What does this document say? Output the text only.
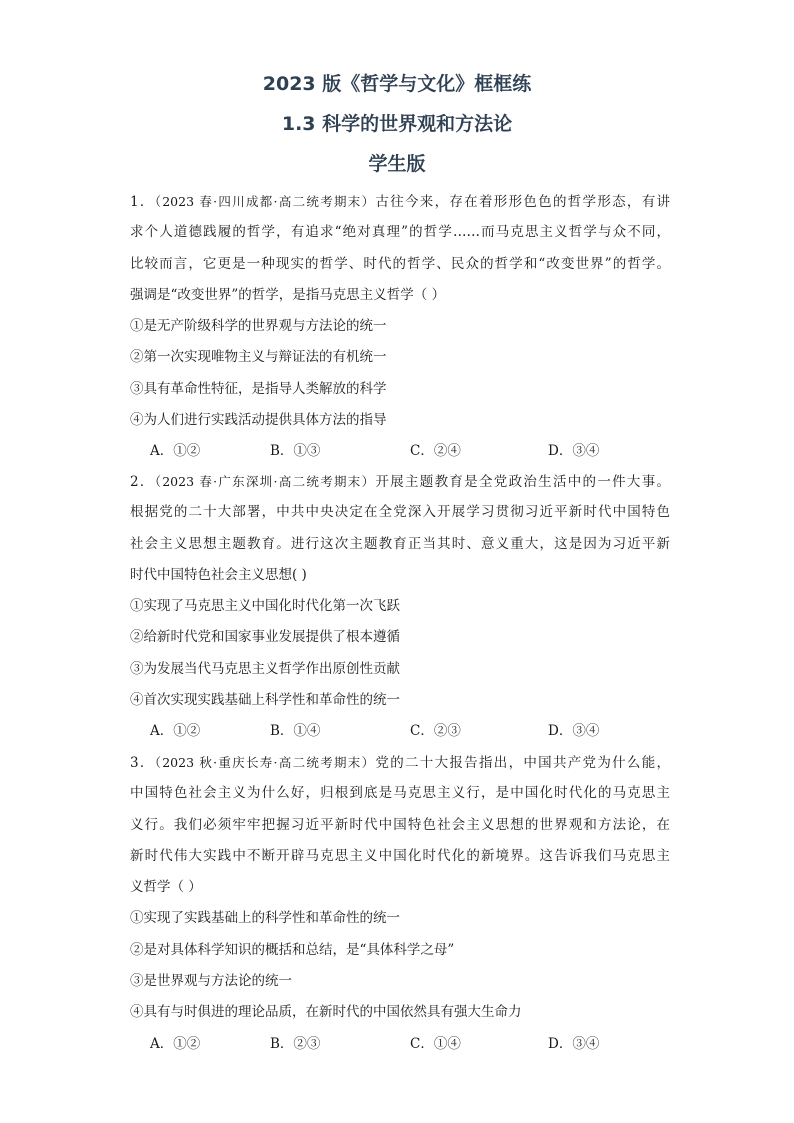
2023 版《哲学与文化》框框练
1.3 科学的世界观和方法论
学生版
1．（2023 春·四川成都·高二统考期末）古往今来，存在着形形色色的哲学形态，有讲
求个人道德践履的哲学，有追求“绝对真理”的哲学……而马克思主义哲学与众不同，
比较而言，它更是一种现实的哲学、时代的哲学、民众的哲学和“改变世界”的哲学。
强调是“改变世界”的哲学，是指马克思主义哲学（ ）
①是无产阶级科学的世界观与方法论的统一
②第一次实现唯物主义与辩证法的有机统一
③具有革命性特征，是指导人类解放的科学
④为人们进行实践活动提供具体方法的指导
A．①②	B．①③	C．②④	D．③④
2．（2023 春·广东深圳·高二统考期末）开展主题教育是全党政治生活中的一件大事。
根据党的二十大部署，中共中央决定在全党深入开展学习贯彻习近平新时代中国特色
社会主义思想主题教育。进行这次主题教育正当其时、意义重大，这是因为习近平新
时代中国特色社会主义思想( )
①实现了马克思主义中国化时代化第一次飞跃
②给新时代党和国家事业发展提供了根本遵循
③为发展当代马克思主义哲学作出原创性贡献
④首次实现实践基础上科学性和革命性的统一
A．①②	B．①④	C．②③	D．③④
3．（2023 秋·重庆长寿·高二统考期末）党的二十大报告指出，中国共产党为什么能，
中国特色社会主义为什么好，归根到底是马克思主义行，是中国化时代化的马克思主
义行。我们必须牢牢把握习近平新时代中国特色社会主义思想的世界观和方法论，在
新时代伟大实践中不断开辟马克思主义中国化时代化的新境界。这告诉我们马克思主
义哲学（ ）
①实现了实践基础上的科学性和革命性的统一
②是对具体科学知识的概括和总结，是“具体科学之母”
③是世界观与方法论的统一
④具有与时俱进的理论品质，在新时代的中国依然具有强大生命力
A．①②	B．②③	C．①④	D．③④
